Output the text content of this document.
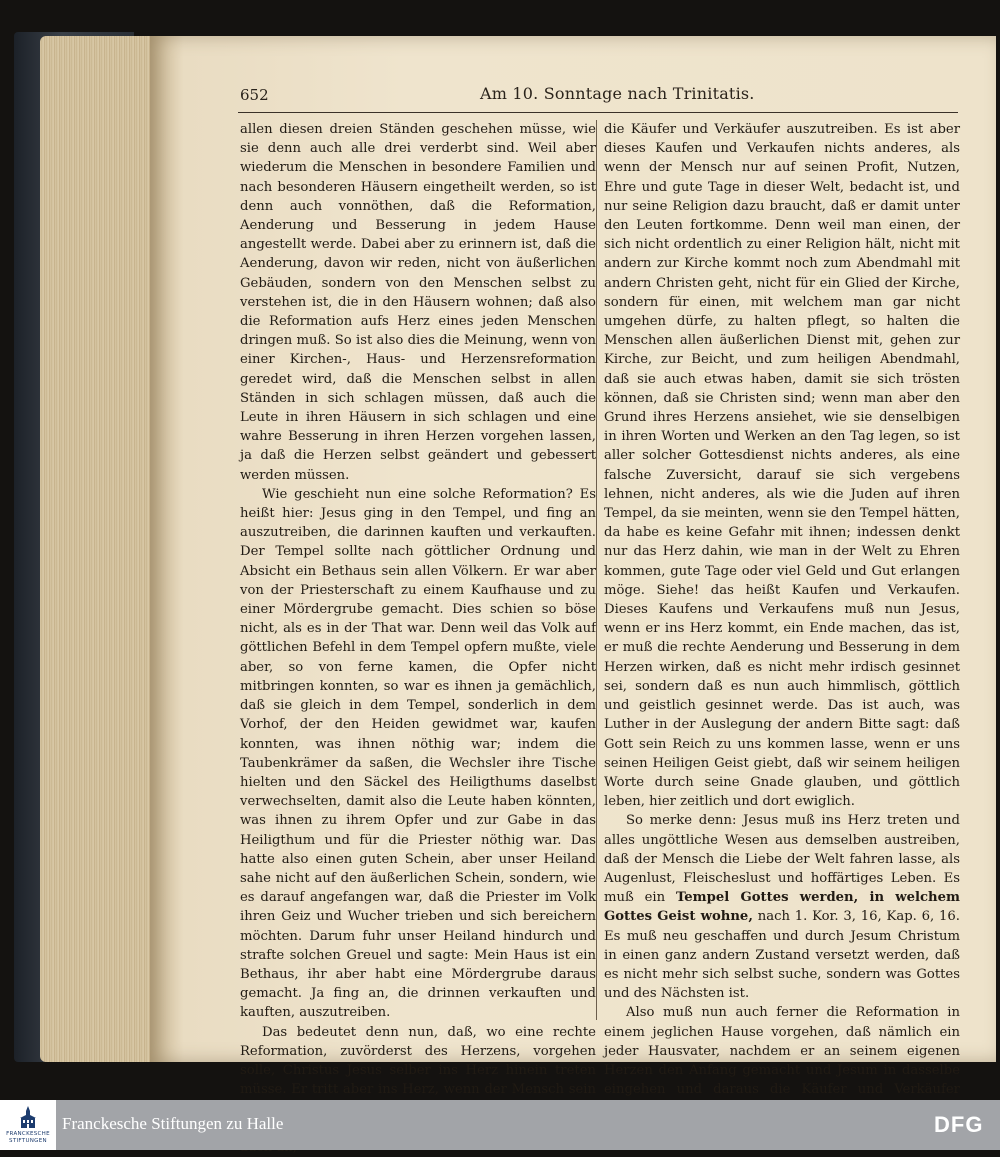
652	Am 10. Sonntage nach Trinitatis.

allen diesen dreien Ständen geschehen müsse, wie sie denn auch alle drei verderbt sind. Weil aber wiederum die Menschen in besondere Familien und nach besonderen Häusern eingetheilt werden, so ist denn auch vonnöthen, daß die Reformation, Aenderung und Besserung in jedem Hause angestellt werde. Dabei aber zu erinnern ist, daß die Aenderung, davon wir reden, nicht von äußerlichen Gebäuden, sondern von den Menschen selbst zu verstehen ist, die in den Häusern wohnen; daß also die Reformation aufs Herz eines jeden Menschen dringen muß. So ist also dies die Meinung, wenn von einer Kirchen-, Haus- und Herzensreformation geredet wird, daß die Menschen selbst in allen Ständen in sich schlagen müssen, daß auch die Leute in ihren Häusern in sich schlagen und eine wahre Besserung in ihren Herzen vorgehen lassen, ja daß die Herzen selbst geändert und gebessert werden müssen.

Wie geschieht nun eine solche Reformation? Es heißt hier: Jesus ging in den Tempel, und fing an auszutreiben, die darinnen kauften und verkauften. Der Tempel sollte nach göttlicher Ordnung und Absicht ein Bethaus sein allen Völkern. Er war aber von der Priesterschaft zu einem Kaufhause und zu einer Mördergrube gemacht. Dies schien so böse nicht, als es in der That war. Denn weil das Volk auf göttlichen Befehl in dem Tempel opfern mußte, viele aber, so von ferne kamen, die Opfer nicht mitbringen konnten, so war es ihnen ja gemächlich, daß sie gleich in dem Tempel, sonderlich in dem Vorhof, der den Heiden gewidmet war, kaufen konnten, was ihnen nöthig war; indem die Taubenkrämer da saßen, die Wechsler ihre Tische hielten und den Säckel des Heiligthums daselbst verwechselten, damit also die Leute haben könnten, was ihnen zu ihrem Opfer und zur Gabe in das Heiligthum und für die Priester nöthig war. Das hatte also einen guten Schein, aber unser Heiland sahe nicht auf den äußerlichen Schein, sondern, wie es darauf angefangen war, daß die Priester im Volk ihren Geiz und Wucher trieben und sich bereichern möchten. Darum fuhr unser Heiland hindurch und strafte solchen Greuel und sagte: Mein Haus ist ein Bethaus, ihr aber habt eine Mördergrube daraus gemacht. Ja fing an, die drinnen verkauften und kauften, auszutreiben.

Das bedeutet denn nun, daß, wo eine rechte Reformation, zuvörderst des Herzens, vorgehen solle, Christus Jesus selber ins Herz hinein treten müsse. Er tritt aber ins Herz, wenn der Mensch sein

die Käufer und Verkäufer auszutreiben. Es ist aber dieses Kaufen und Verkaufen nichts anderes, als wenn der Mensch nur auf seinen Profit, Nutzen, Ehre und gute Tage in dieser Welt, bedacht ist, und nur seine Religion dazu braucht, daß er damit unter den Leuten fortkomme. Denn weil man einen, der sich nicht ordentlich zu einer Religion hält, nicht mit andern zur Kirche kommt noch zum Abendmahl mit andern Christen geht, nicht für ein Glied der Kirche, sondern für einen, mit welchem man gar nicht umgehen dürfe, zu halten pflegt, so halten die Menschen allen äußerlichen Dienst mit, gehen zur Kirche, zur Beicht, und zum heiligen Abendmahl, daß sie auch etwas haben, damit sie sich trösten können, daß sie Christen sind; wenn man aber den Grund ihres Herzens ansiehet, wie sie denselbigen in ihren Worten und Werken an den Tag legen, so ist aller solcher Gottesdienst nichts anderes, als eine falsche Zuversicht, darauf sie sich vergebens lehnen, nicht anderes, als wie die Juden auf ihren Tempel, da sie meinten, wenn sie den Tempel hätten, da habe es keine Gefahr mit ihnen; indessen denkt nur das Herz dahin, wie man in der Welt zu Ehren kommen, gute Tage oder viel Geld und Gut erlangen möge. Siehe! das heißt Kaufen und Verkaufen. Dieses Kaufens und Verkaufens muß nun Jesus, wenn er ins Herz kommt, ein Ende machen, das ist, er muß die rechte Aenderung und Besserung in dem Herzen wirken, daß es nicht mehr irdisch gesinnet sei, sondern daß es nun auch himmlisch, göttlich und geistlich gesinnet werde. Das ist auch, was Luther in der Auslegung der andern Bitte sagt: daß Gott sein Reich zu uns kommen lasse, wenn er uns seinen Heiligen Geist giebt, daß wir seinem heiligen Worte durch seine Gnade glauben, und göttlich leben, hier zeitlich und dort ewiglich.

So merke denn: Jesus muß ins Herz treten und alles ungöttliche Wesen aus demselben austreiben, daß der Mensch die Liebe der Welt fahren lasse, als Augenlust, Fleischeslust und hoffärtiges Leben. Es muß ein Tempel Gottes werden, in welchem Gottes Geist wohne, nach 1. Kor. 3, 16, Kap. 6, 16. Es muß neu geschaffen und durch Jesum Christum in einen ganz andern Zustand versetzt werden, daß es nicht mehr sich selbst suche, sondern was Gottes und des Nächsten ist.

Also muß nun auch ferner die Reformation in einem jeglichen Hause vorgehen, daß nämlich ein jeder Hausvater, nachdem er an seinem eigenen Herzen den Anfang gemacht und Jesum in dasselbe eingehen und daraus die Käufer und Verkäufer

FRANCKESCHE STIFTUNGEN
Franckesche Stiftungen zu Halle	DFG
